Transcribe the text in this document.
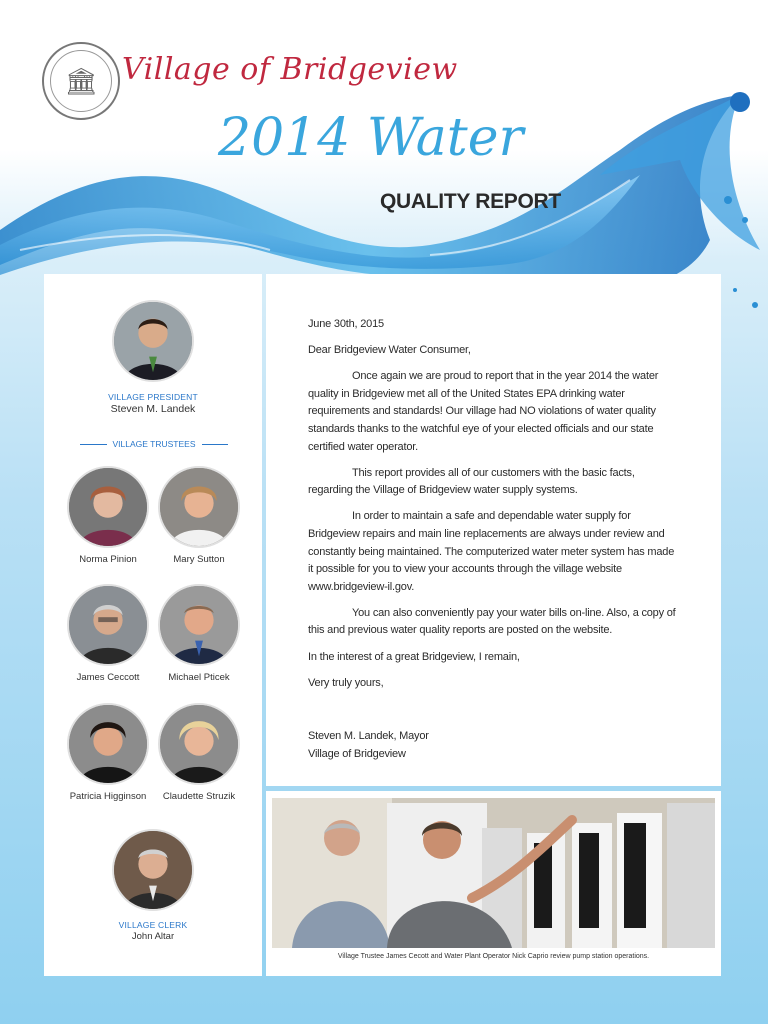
🏛 Village of Bridgeview
2014 Water
QUALITY REPORT
VILLAGE PRESIDENT
Steven M. Landek
VILLAGE TRUSTEES
Norma Pinion	Mary Sutton
James Ceccott	Michael Pticek
Patricia Higginson	Claudette Struzik
VILLAGE CLERK
John Altar

June 30th, 2015

Dear Bridgeview Water Consumer,

Once again we are proud to report that in the year 2014 the water quality in Bridgeview met all of the United States EPA drinking water requirements and standards! Our village had NO violations of water quality standards thanks to the watchful eye of your elected officials and our state certified water operator.

This report provides all of our customers with the basic facts, regarding the Village of Bridgeview water supply systems.

In order to maintain a safe and dependable water supply for Bridgeview repairs and main line replacements are always under review and constantly being maintained. The computerized water meter system has made it possible for you to view your accounts through the village website www.bridgeview-il.gov.

You can also conveniently pay your water bills on-line. Also, a copy of this and previous water quality reports are posted on the website.

In the interest of a great Bridgeview, I remain,

Very truly yours,

Steven M. Landek, Mayor

Village of Bridgeview

Village Trustee James Cecott and Water Plant Operator Nick Caprio review pump station operations.
